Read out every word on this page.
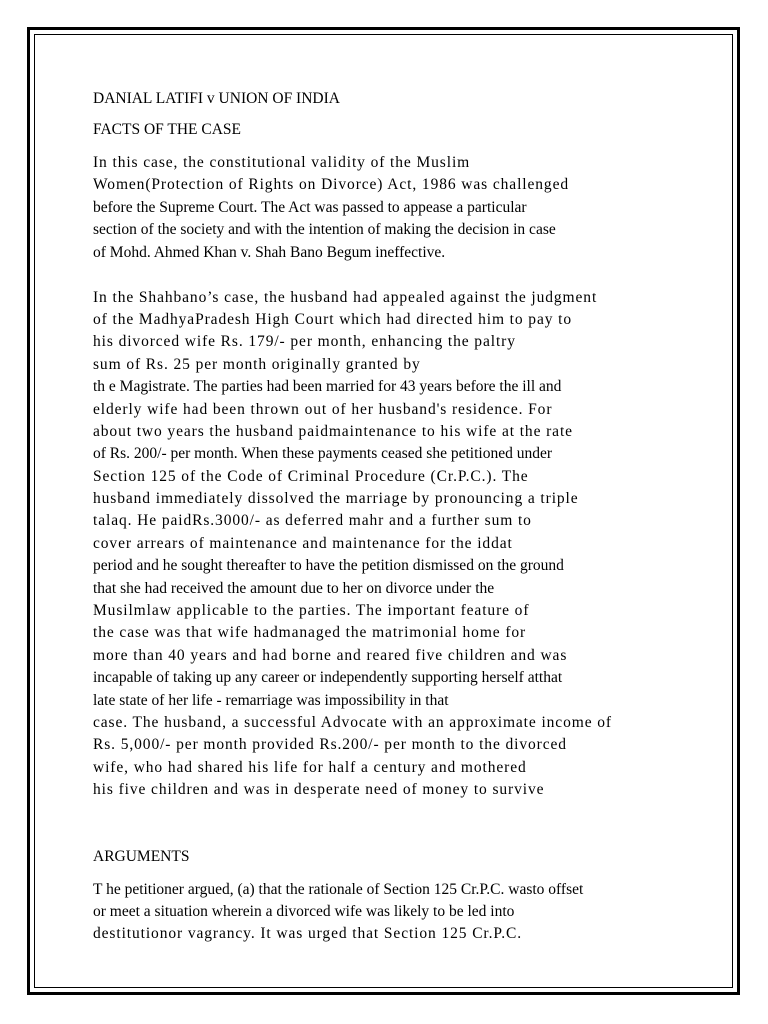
DANIAL LATIFI v UNION OF INDIA
FACTS OF THE CASE
In this case, the constitutional validity of the Muslim
Women(Protection of Rights on Divorce) Act, 1986 was challenged
before the Supreme Court. The Act was passed to appease a particular
section of the society and with the intention of making the decision in case
of Mohd. Ahmed Khan v. Shah Bano Begum ineffective.
In the Shahbano’s case, the husband had appealed against the judgment
of the MadhyaPradesh High Court which had directed him to pay to
his divorced wife Rs. 179/- per month, enhancing the paltry
sum of Rs. 25 per month originally granted by
th e Magistrate. The parties had been married for 43 years before the ill and
elderly wife had been thrown out of her husband's residence. For
about two years the husband paidmaintenance to his wife at the rate
of Rs. 200/- per month. When these payments ceased she petitioned under
Section 125 of the Code of Criminal Procedure (Cr.P.C.). The
husband immediately dissolved the marriage by pronouncing a triple
talaq. He paidRs.3000/- as deferred mahr and a further sum to
cover arrears of maintenance and maintenance for the iddat
period and he sought thereafter to have the petition dismissed on the ground
that she had received the amount due to her on divorce under the
Musilmlaw applicable to the parties. The important feature of
the case was that wife hadmanaged the matrimonial home for
more than 40 years and had borne and reared five children and was
incapable of taking up any career or independently supporting herself atthat
late state of her life - remarriage was impossibility in that
case. The husband, a successful Advocate with an approximate income of
Rs. 5,000/- per month provided Rs.200/- per month to the divorced
wife, who had shared his life for half a century and mothered
his five children and was in desperate need of money to survive
ARGUMENTS
T he petitioner argued, (a) that the rationale of Section 125 Cr.P.C. wasto offset
or meet a situation wherein a divorced wife was likely to be led into
destitutionor vagrancy. It was urged that Section 125 Cr.P.C.
